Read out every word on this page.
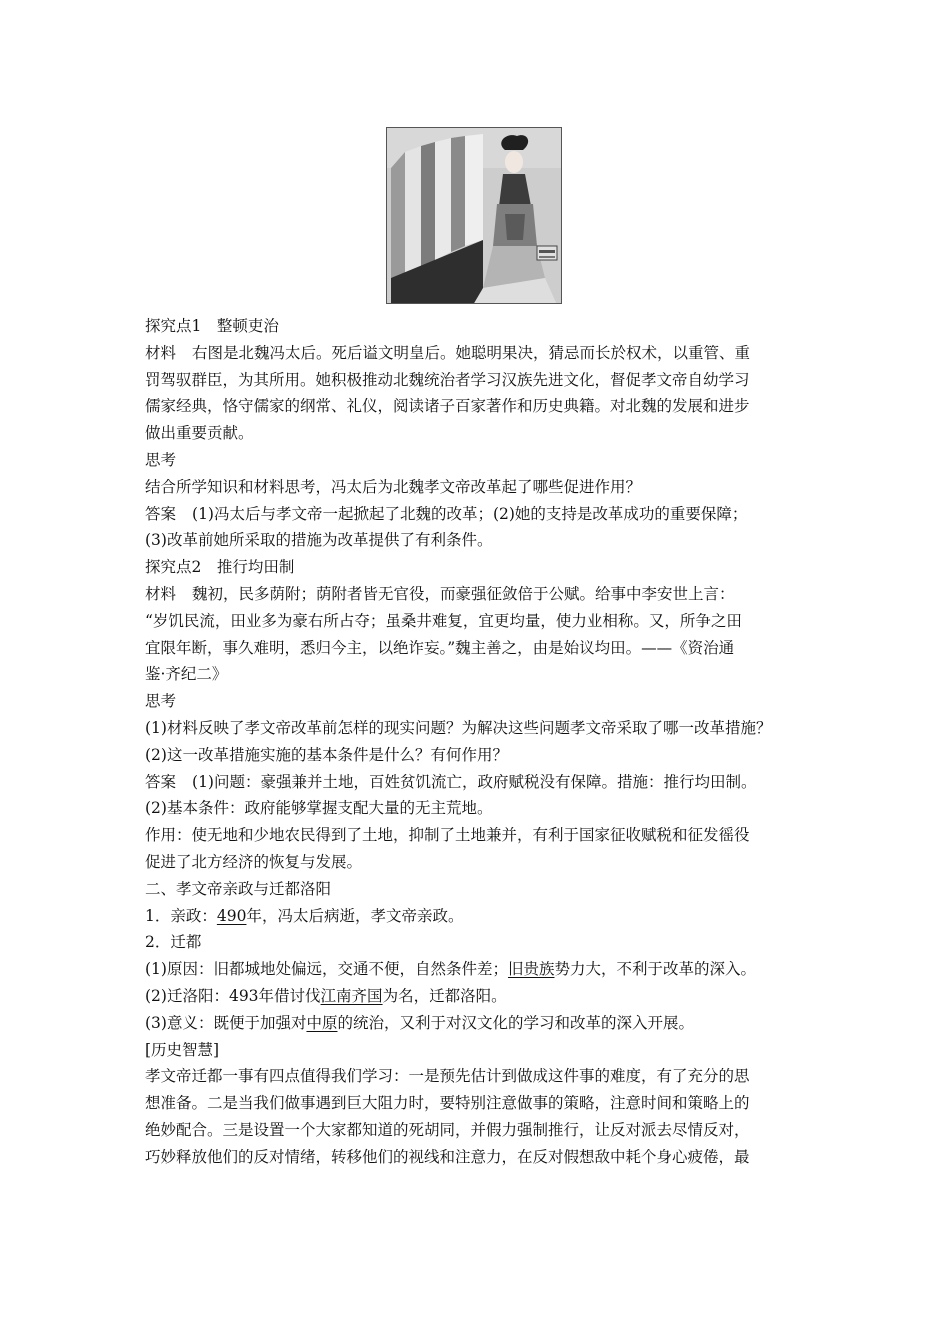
探究点1　整顿吏治
材料 右图是北魏冯太后。死后谥文明皇后。她聪明果决，猜忌而长於权术，以重管、重
罚驾驭群臣，为其所用。她积极推动北魏统治者学习汉族先进文化，督促孝文帝自幼学习
儒家经典，恪守儒家的纲常、礼仪，阅读诸子百家著作和历史典籍。对北魏的发展和进步
做出重要贡献。
思考
结合所学知识和材料思考，冯太后为北魏孝文帝改革起了哪些促进作用？
答案 (1)冯太后与孝文帝一起掀起了北魏的改革；(2)她的支持是改革成功的重要保障；
(3)改革前她所采取的措施为改革提供了有利条件。
探究点2　推行均田制
材料 魏初，民多荫附；荫附者皆无官役，而豪强征敛倍于公赋。给事中李安世上言：
“岁饥民流，田业多为豪右所占夺；虽桑井难复，宜更均量，使力业相称。又，所争之田
宜限年断，事久难明，悉归今主，以绝诈妄。”魏主善之，由是始议均田。——《资治通
鉴·齐纪二》
思考
(1)材料反映了孝文帝改革前怎样的现实问题？为解决这些问题孝文帝采取了哪一改革措施？
(2)这一改革措施实施的基本条件是什么？有何作用？
答案 (1)问题：豪强兼并土地，百姓贫饥流亡，政府赋税没有保障。措施：推行均田制。
(2)基本条件：政府能够掌握支配大量的无主荒地。
作用：使无地和少地农民得到了土地，抑制了土地兼并，有利于国家征收赋税和征发徭役
促进了北方经济的恢复与发展。
二、孝文帝亲政与迁都洛阳
1．亲政：490年，冯太后病逝，孝文帝亲政。
2．迁都
(1)原因：旧都城地处偏远，交通不便，自然条件差；旧贵族势力大，不利于改革的深入。
(2)迁洛阳：493年借讨伐江南齐国为名，迁都洛阳。
(3)意义：既便于加强对中原的统治，又利于对汉文化的学习和改革的深入开展。
[历史智慧]
孝文帝迁都一事有四点值得我们学习：一是预先估计到做成这件事的难度，有了充分的思
想准备。二是当我们做事遇到巨大阻力时，要特别注意做事的策略，注意时间和策略上的
绝妙配合。三是设置一个大家都知道的死胡同，并假力强制推行，让反对派去尽情反对，
巧妙释放他们的反对情绪，转移他们的视线和注意力，在反对假想敌中耗个身心疲倦，最
